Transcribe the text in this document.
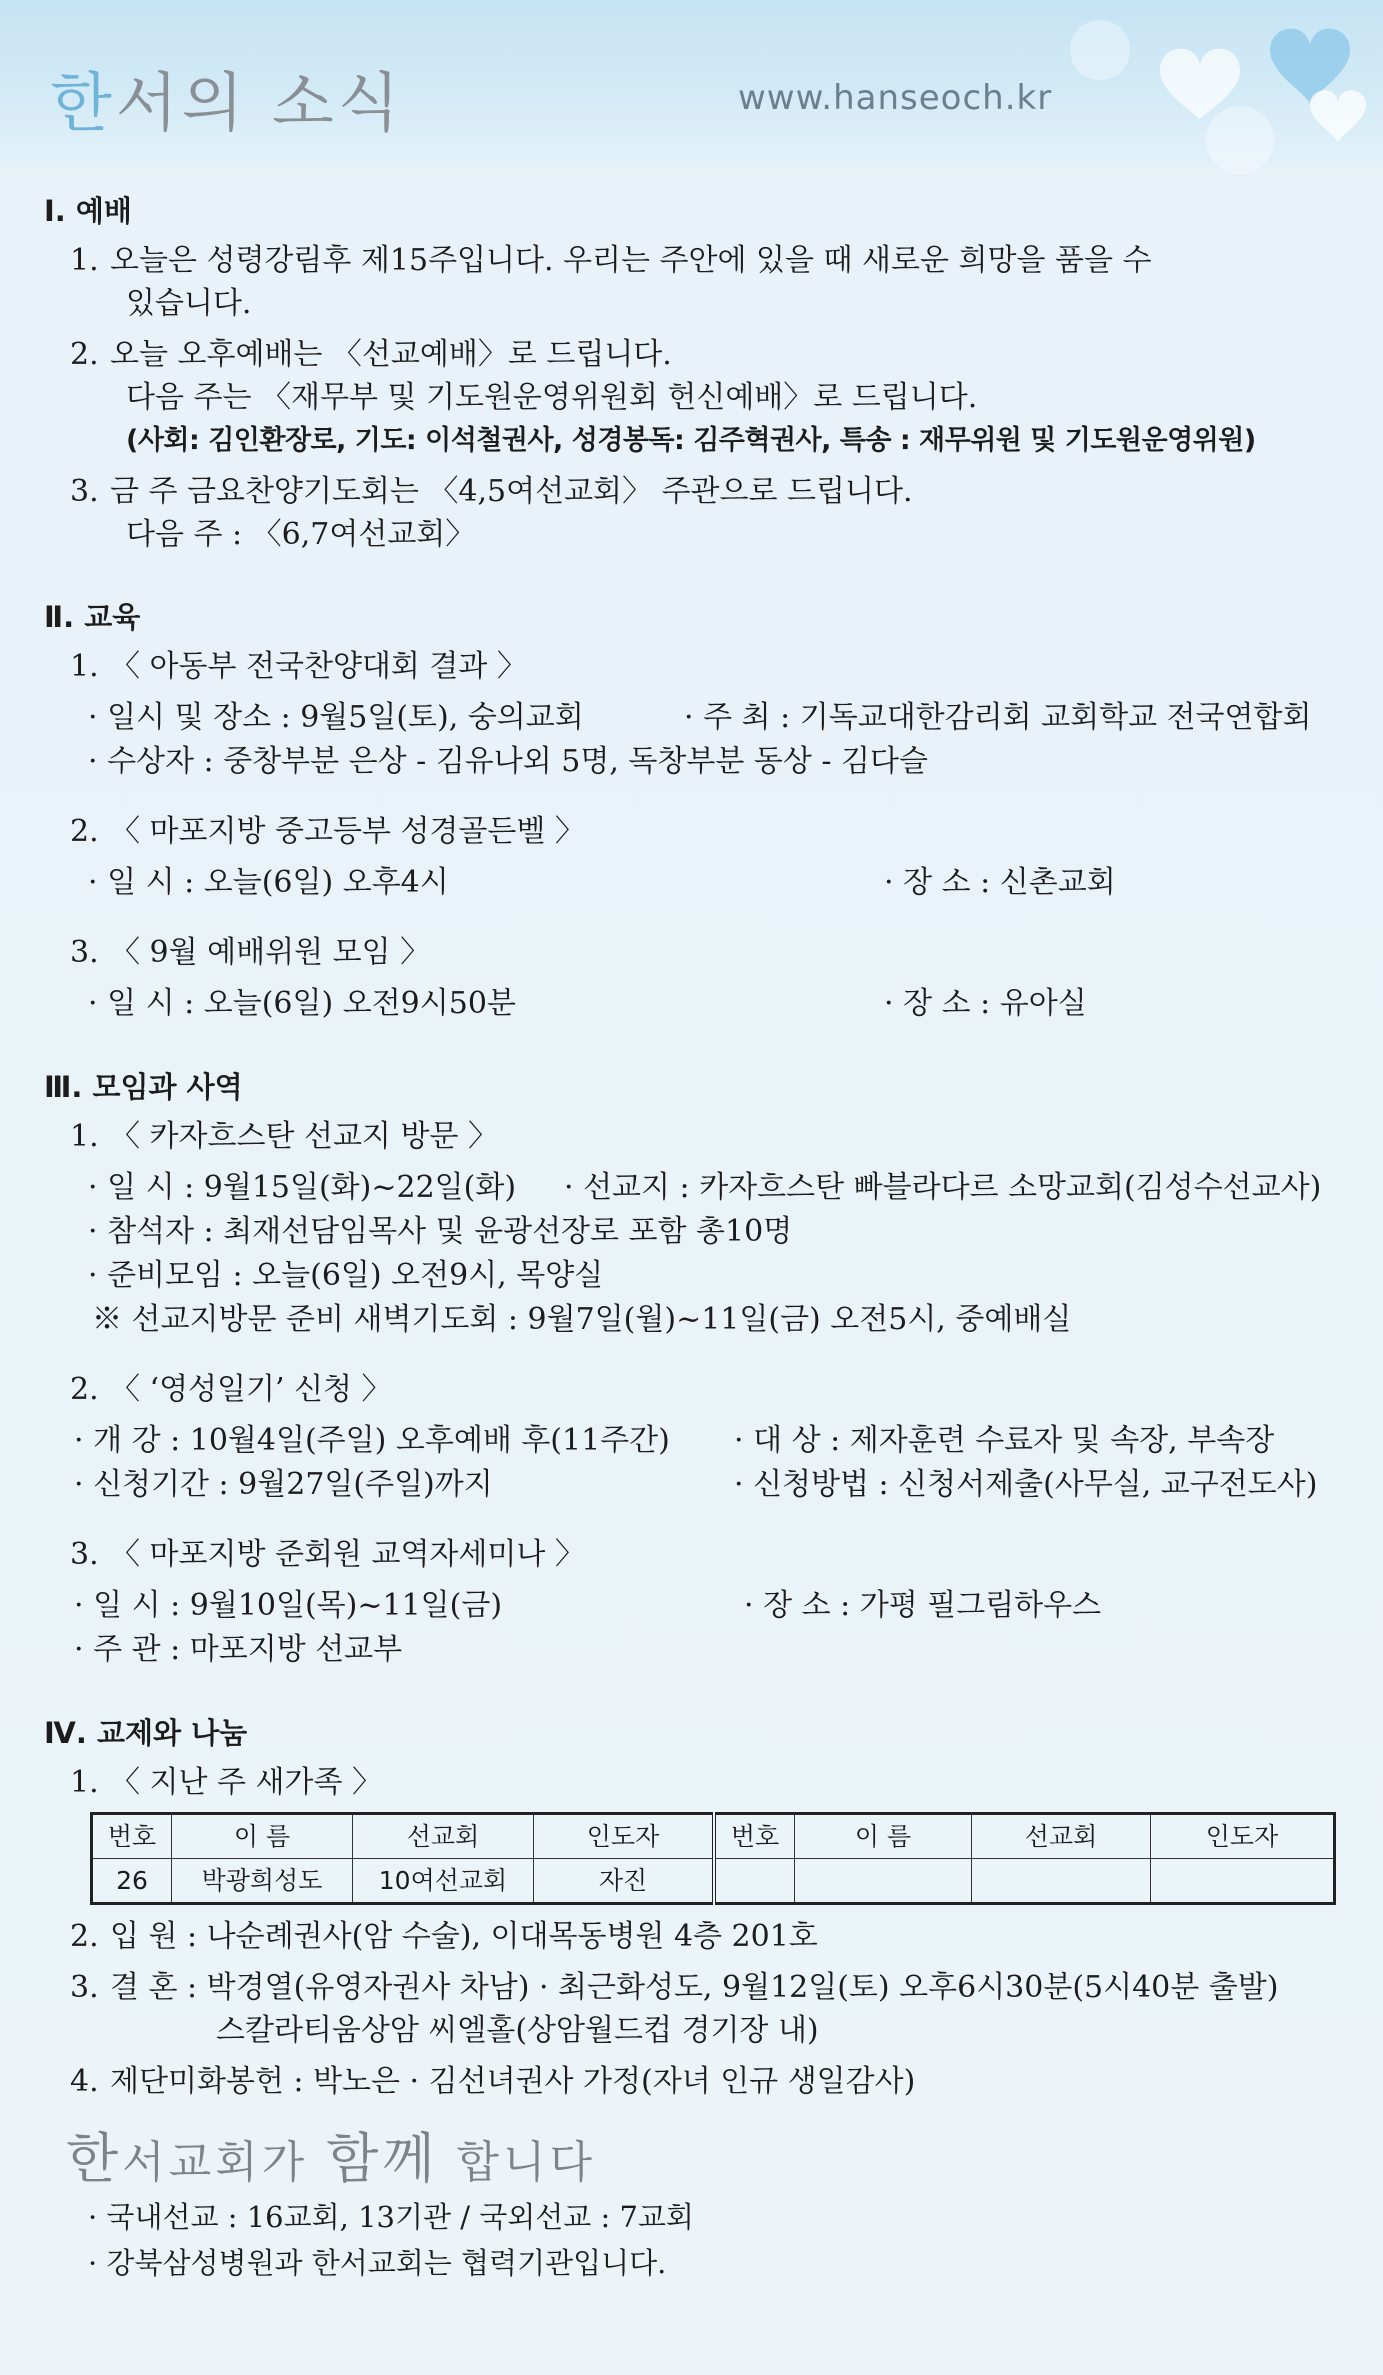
한서의 소식	www.hanseoch.kr
Ⅰ. 예배
1. 오늘은 성령강림후 제15주입니다. 우리는 주안에 있을 때 새로운 희망을 품을 수
있습니다.
2. 오늘 오후예배는 〈선교예배〉로 드립니다.
다음 주는 〈재무부 및 기도원운영위원회 헌신예배〉로 드립니다.
(사회: 김인환장로, 기도: 이석철권사, 성경봉독: 김주혁권사, 특송 : 재무위원 및 기도원운영위원)
3. 금 주 금요찬양기도회는 〈4,5여선교회〉 주관으로 드립니다.
다음 주 : 〈6,7여선교회〉
Ⅱ. 교육
1. 〈 아동부 전국찬양대회 결과 〉
· 일시 및 장소 : 9월5일(토), 숭의교회	· 주 최 : 기독교대한감리회 교회학교 전국연합회
· 수상자 : 중창부분 은상 - 김유나외 5명, 독창부분 동상 - 김다슬
2. 〈 마포지방 중고등부 성경골든벨 〉
· 일 시 : 오늘(6일) 오후4시	· 장 소 : 신촌교회
3. 〈 9월 예배위원 모임 〉
· 일 시 : 오늘(6일) 오전9시50분	· 장 소 : 유아실
Ⅲ. 모임과 사역
1. 〈 카자흐스탄 선교지 방문 〉
· 일 시 : 9월15일(화)~22일(화) · 선교지 : 카자흐스탄 빠블라다르 소망교회(김성수선교사)
· 참석자 : 최재선담임목사 및 윤광선장로 포함 총10명
· 준비모임 : 오늘(6일) 오전9시, 목양실
※ 선교지방문 준비 새벽기도회 : 9월7일(월)~11일(금) 오전5시, 중예배실
2. 〈 ‘영성일기’ 신청 〉
· 개 강 : 10월4일(주일) 오후예배 후(11주간) · 대 상 : 제자훈련 수료자 및 속장, 부속장
· 신청기간 : 9월27일(주일)까지	· 신청방법 : 신청서제출(사무실, 교구전도사)
3. 〈 마포지방 준회원 교역자세미나 〉
· 일 시 : 9월10일(목)~11일(금)	· 장 소 : 가평 필그림하우스
· 주 관 : 마포지방 선교부
Ⅳ. 교제와 나눔
1. 〈 지난 주 새가족 〉
번호	이 름	선교회	인도자	번호	이 름	선교회	인도자
26	박광희성도	10여선교회	자진				
2. 입 원 : 나순례권사(암 수술), 이대목동병원 4층 201호
3. 결 혼 : 박경열(유영자권사 차남) · 최근화성도, 9월12일(토) 오후6시30분(5시40분 출발)
스칼라티움상암 씨엘홀(상암월드컵 경기장 내)
4. 제단미화봉헌 : 박노은 · 김선녀권사 가정(자녀 인규 생일감사)
한서교회가 함께 합니다
· 국내선교 : 16교회, 13기관 / 국외선교 : 7교회
· 강북삼성병원과 한서교회는 협력기관입니다.
